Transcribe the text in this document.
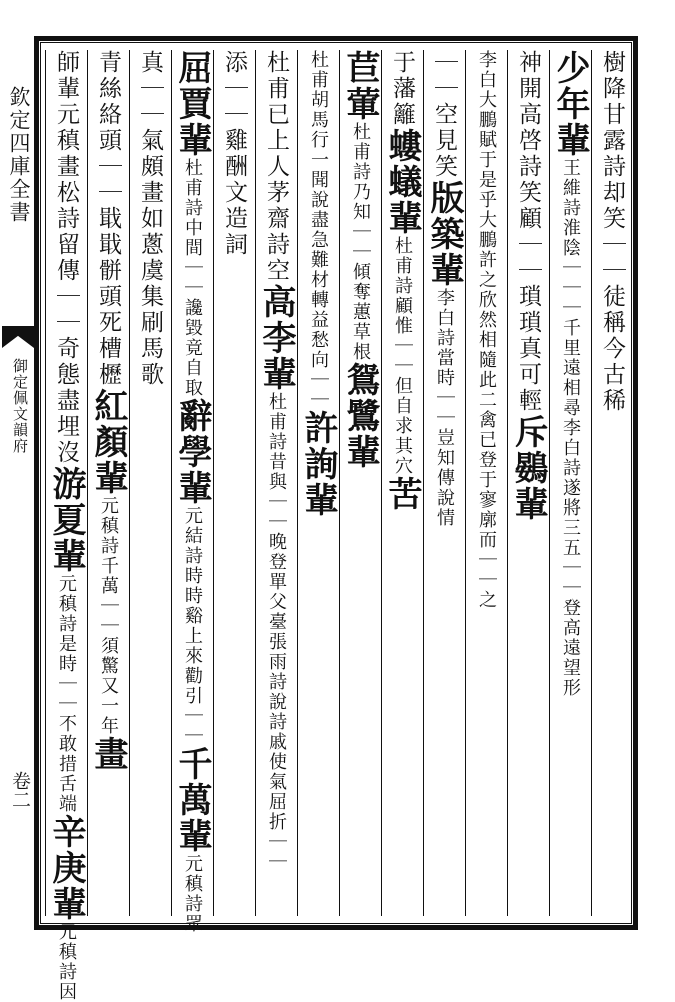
欽定四庫全書
御定佩文韻府
卷二
樹降甘露詩却笑｜｜徒稱今古稀
少年輩王維詩淮陰｜｜｜千里遠相尋李白詩遂將三五｜｜登高遠望形
神開高啓詩笑顧｜｜瑣瑣真可輕斥鷃輩
李白大鵬賦于是乎大鵬許之欣然相隨此二禽已登于寥廓而｜｜之
｜｜空見笑版築輩李白詩當時｜｜豈知傳說情
于藩籬螻蟻輩杜甫詩顧惟｜｜但自求其穴苦
苣葷杜甫詩乃知｜｜傾奪蕙草根鴛鷺輩
杜甫胡馬行一聞說盡急難材轉益愁向｜｜許詢輩
杜甫已上人茅齋詩空高李輩杜甫詩昔與｜｜晚登單父臺張雨詩說詩戚使氣屈折｜｜
添｜｜雞酬文造詞
屈賈輩杜甫詩中間｜｜讒毀竟自取辭學輩元結詩時時谿上來勸引｜｜千萬輩元稹詩眾
真｜｜氣頗畫如蔥虞集刷馬歌
青絲絡頭｜｜戢戢骿頭死槽櫪紅顏輩元稹詩千萬｜｜須驚又一年畫
師輩元稹畫松詩留傳｜｜奇態盡埋沒游夏輩元稹詩是時｜｜不敢措舌端辛庚輩元稹詩因
